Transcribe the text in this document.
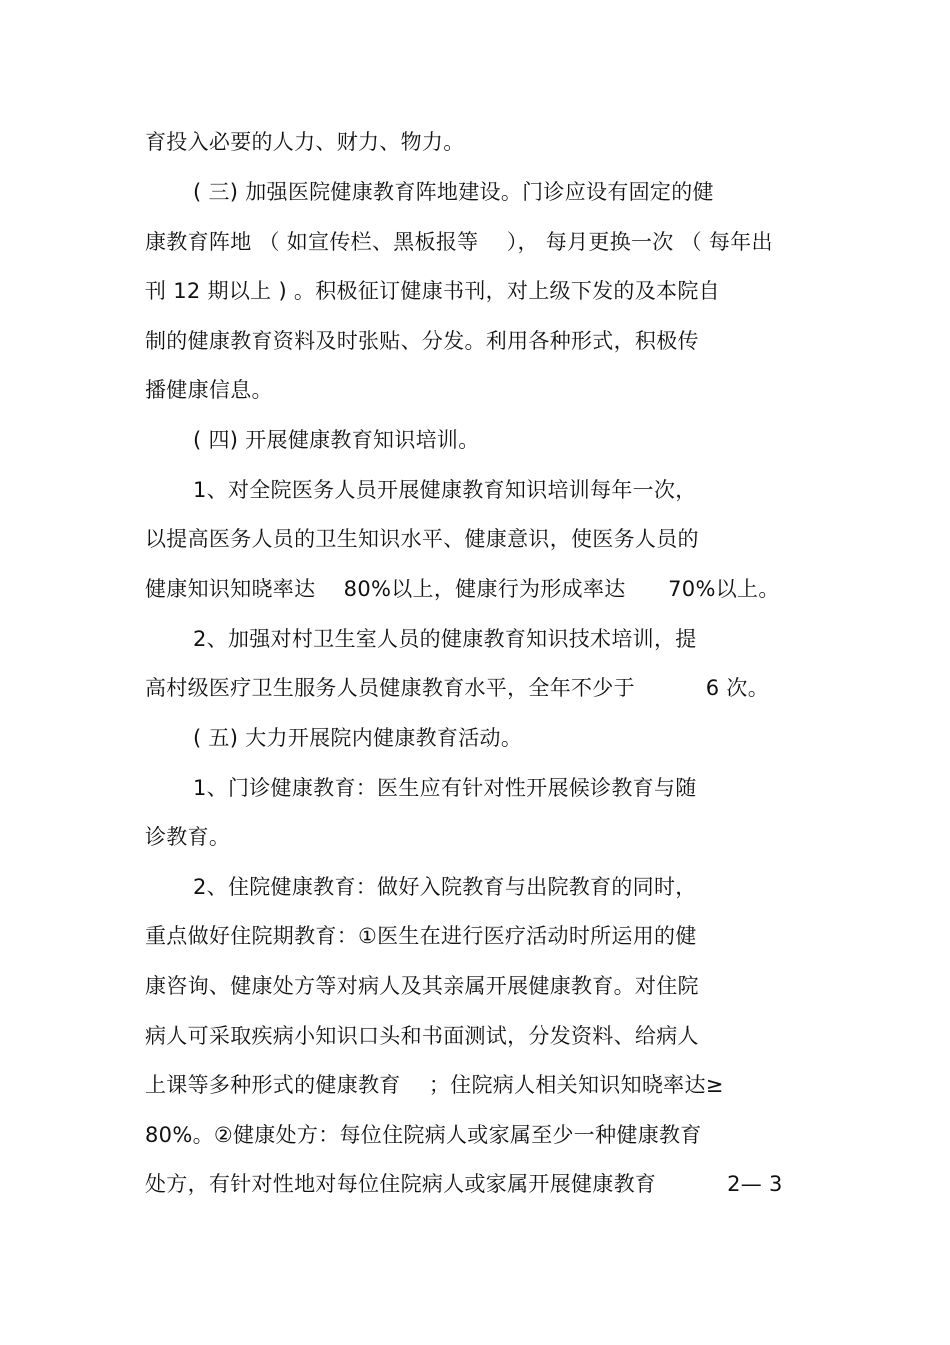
育投入必要的人力、财力、物力。
( 三) 加强医院健康教育阵地建设。门诊应设有固定的健
康教育阵地 （ 如宣传栏、黑板报等　 ）， 每月更换一次 （ 每年出
刊 12 期以上 ) 。积极征订健康书刊，对上级下发的及本院自
制的健康教育资料及时张贴、分发。利用各种形式，积极传
播健康信息。
( 四) 开展健康教育知识培训。
1、对全院医务人员开展健康教育知识培训每年一次，
以提高医务人员的卫生知识水平、健康意识，使医务人员的
健康知识知晓率达　 80%以上，健康行为形成率达　　70%以上。
2、加强对村卫生室人员的健康教育知识技术培训，提
高村级医疗卫生服务人员健康教育水平，全年不少于　　　 6 次。
( 五) 大力开展院内健康教育活动。
1、门诊健康教育：医生应有针对性开展候诊教育与随
诊教育。
2、住院健康教育：做好入院教育与出院教育的同时，
重点做好住院期教育：①医生在进行医疗活动时所运用的健
康咨询、健康处方等对病人及其亲属开展健康教育。对住院
病人可采取疾病小知识口头和书面测试，分发资料、给病人
上课等多种形式的健康教育　 ；住院病人相关知识知晓率达≥
80%。②健康处方：每位住院病人或家属至少一种健康教育
处方，有针对性地对每位住院病人或家属开展健康教育　　　 2— 3
